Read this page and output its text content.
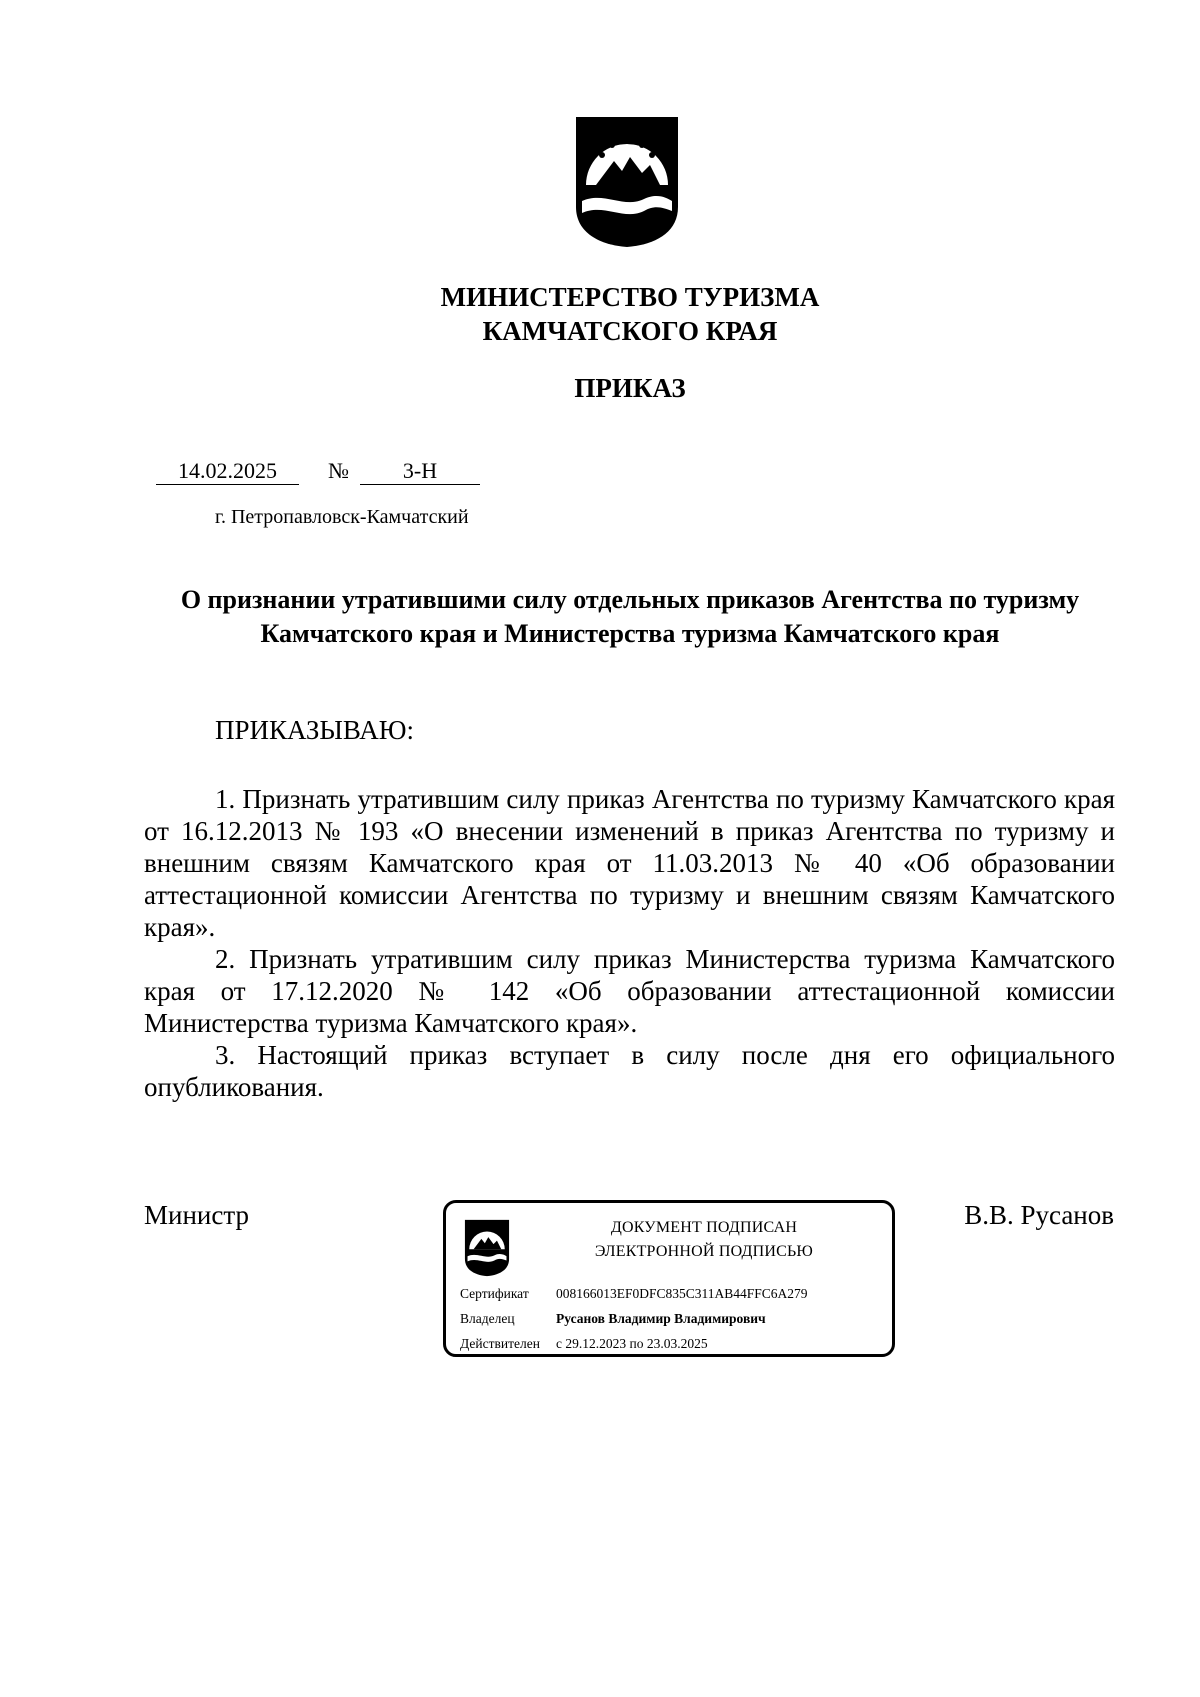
МИНИСТЕРСТВО ТУРИЗМА
КАМЧАТСКОГО КРАЯ
ПРИКАЗ
14.02.2025	№	3-Н
г. Петропавловск-Камчатский
О признании утратившими силу отдельных приказов Агентства по туризму Камчатского края и Министерства туризма Камчатского края
ПРИКАЗЫВАЮ:

1. Признать утратившим силу приказ Агентства по туризму Камчатского края от 16.12.2013 № 193 «О внесении изменений в приказ Агентства по туризму и внешним связям Камчатского края от 11.03.2013 № 40 «Об образовании аттестационной комиссии Агентства по туризму и внешним связям Камчатского края».

2. Признать утратившим силу приказ Министерства туризма Камчатского края от 17.12.2020 № 142 «Об образовании аттестационной комиссии Министерства туризма Камчатского края».

3. Настоящий приказ вступает в силу после дня его официального опубликования.

Министр	В.В. Русанов
ДОКУМЕНТ ПОДПИСАН
ЭЛЕКТРОННОЙ ПОДПИСЬЮ
Сертификат 008166013EF0DFC835C311AB44FFC6A279
Владелец	Русанов Владимир Владимирович
Действителен с 29.12.2023 по 23.03.2025
